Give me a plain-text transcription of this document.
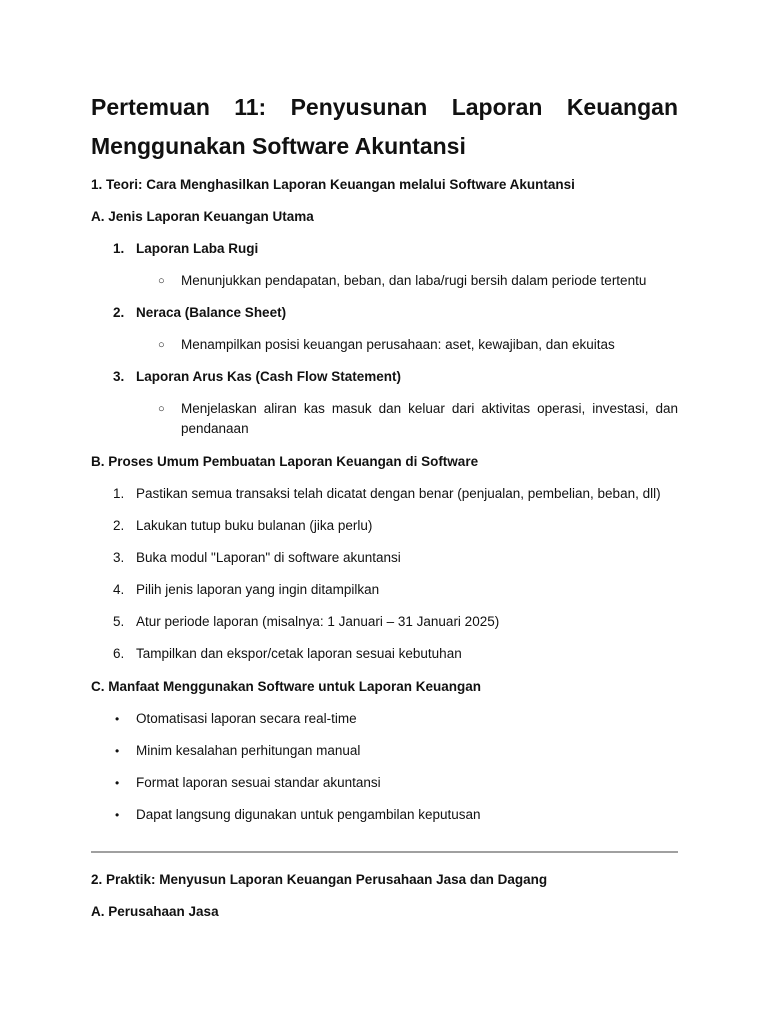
Pertemuan 11: Penyusunan Laporan Keuangan Menggunakan Software Akuntansi
1. Teori: Cara Menghasilkan Laporan Keuangan melalui Software Akuntansi
A. Jenis Laporan Keuangan Utama
1. Laporan Laba Rugi
○ Menunjukkan pendapatan, beban, dan laba/rugi bersih dalam periode tertentu
2. Neraca (Balance Sheet)
○ Menampilkan posisi keuangan perusahaan: aset, kewajiban, dan ekuitas
3. Laporan Arus Kas (Cash Flow Statement)
○ Menjelaskan aliran kas masuk dan keluar dari aktivitas operasi, investasi, dan pendanaan
B. Proses Umum Pembuatan Laporan Keuangan di Software
1. Pastikan semua transaksi telah dicatat dengan benar (penjualan, pembelian, beban, dll)
2. Lakukan tutup buku bulanan (jika perlu)
3. Buka modul "Laporan" di software akuntansi
4. Pilih jenis laporan yang ingin ditampilkan
5. Atur periode laporan (misalnya: 1 Januari – 31 Januari 2025)
6. Tampilkan dan ekspor/cetak laporan sesuai kebutuhan
C. Manfaat Menggunakan Software untuk Laporan Keuangan
• Otomatisasi laporan secara real-time
• Minim kesalahan perhitungan manual
• Format laporan sesuai standar akuntansi
• Dapat langsung digunakan untuk pengambilan keputusan
2. Praktik: Menyusun Laporan Keuangan Perusahaan Jasa dan Dagang
A. Perusahaan Jasa
